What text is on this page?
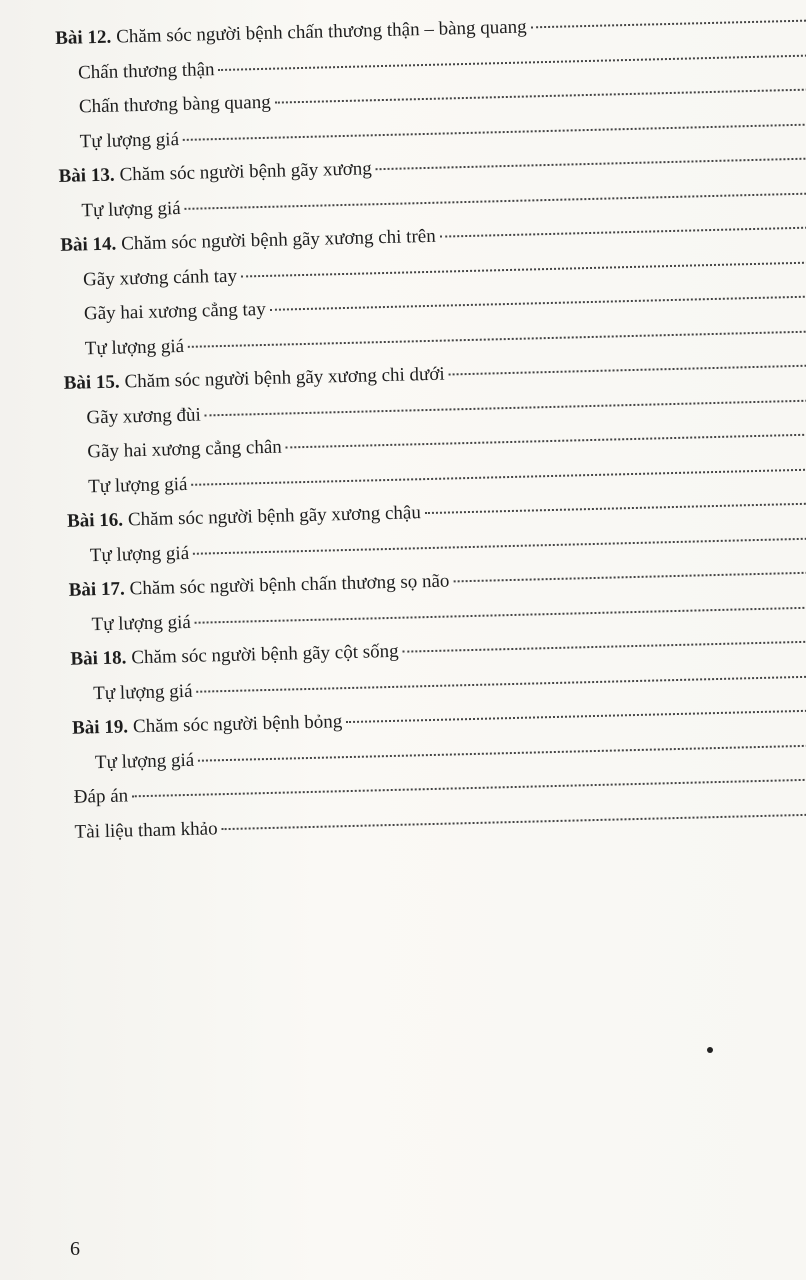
Bài 12. Chăm sóc người bệnh chấn thương thận – bàng quang
Chấn thương thận
Chấn thương bàng quang
Tự lượng giá
Bài 13. Chăm sóc người bệnh gãy xương
Tự lượng giá
Bài 14. Chăm sóc người bệnh gãy xương chi trên
Gãy xương cánh tay
Gãy hai xương cẳng tay
Tự lượng giá
Bài 15. Chăm sóc người bệnh gãy xương chi dưới
Gãy xương đùi
Gãy hai xương cẳng chân
Tự lượng giá
Bài 16. Chăm sóc người bệnh gãy xương chậu
Tự lượng giá
Bài 17. Chăm sóc người bệnh chấn thương sọ não
Tự lượng giá
Bài 18. Chăm sóc người bệnh gãy cột sống
Tự lượng giá
Bài 19. Chăm sóc người bệnh bỏng
Tự lượng giá
Đáp án
Tài liệu tham khảo
6
